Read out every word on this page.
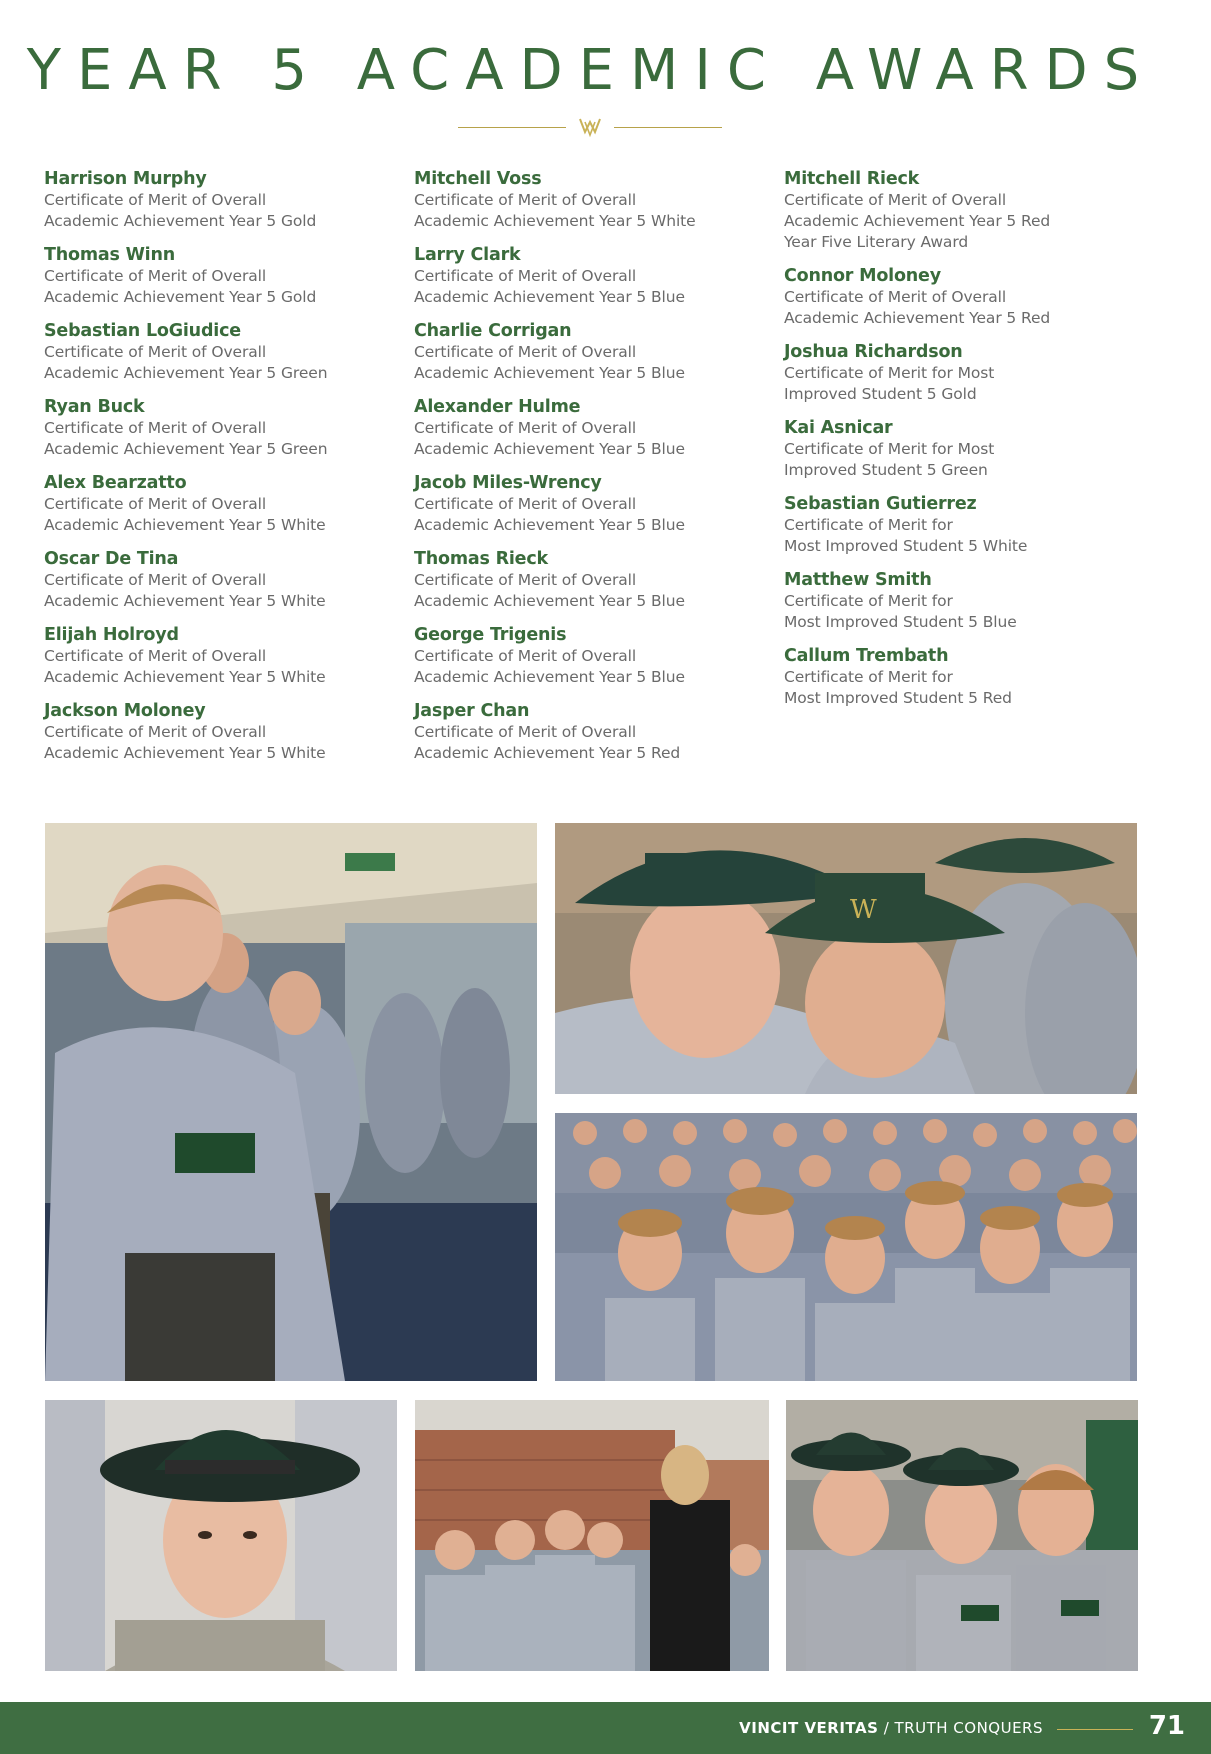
YEAR 5 ACADEMIC AWARDS
Harrison Murphy
Certificate of Merit of Overall
Academic Achievement Year 5 Gold
Thomas Winn
Certificate of Merit of Overall
Academic Achievement Year 5 Gold
Sebastian LoGiudice
Certificate of Merit of Overall
Academic Achievement Year 5 Green
Ryan Buck
Certificate of Merit of Overall
Academic Achievement Year 5 Green
Alex Bearzatto
Certificate of Merit of Overall
Academic Achievement Year 5 White
Oscar De Tina
Certificate of Merit of Overall
Academic Achievement Year 5 White
Elijah Holroyd
Certificate of Merit of Overall
Academic Achievement Year 5 White
Jackson Moloney
Certificate of Merit of Overall
Academic Achievement Year 5 White
Mitchell Voss
Certificate of Merit of Overall
Academic Achievement Year 5 White
Larry Clark
Certificate of Merit of Overall
Academic Achievement Year 5 Blue
Charlie Corrigan
Certificate of Merit of Overall
Academic Achievement Year 5 Blue
Alexander Hulme
Certificate of Merit of Overall
Academic Achievement Year 5 Blue
Jacob Miles-Wrency
Certificate of Merit of Overall
Academic Achievement Year 5 Blue
Thomas Rieck
Certificate of Merit of Overall
Academic Achievement Year 5 Blue
George Trigenis
Certificate of Merit of Overall
Academic Achievement Year 5 Blue
Jasper Chan
Certificate of Merit of Overall
Academic Achievement Year 5 Red
Mitchell Rieck
Certificate of Merit of Overall
Academic Achievement Year 5 Red
Year Five Literary Award
Connor Moloney
Certificate of Merit of Overall
Academic Achievement Year 5 Red
Joshua Richardson
Certificate of Merit for Most
Improved Student 5 Gold
Kai Asnicar
Certificate of Merit for Most
Improved Student 5 Green
Sebastian Gutierrez
Certificate of Merit for
Most Improved Student 5 White
Matthew Smith
Certificate of Merit for
Most Improved Student 5 Blue
Callum Trembath
Certificate of Merit for
Most Improved Student 5 Red
W
VINCIT VERITAS / TRUTH CONQUERS	71
